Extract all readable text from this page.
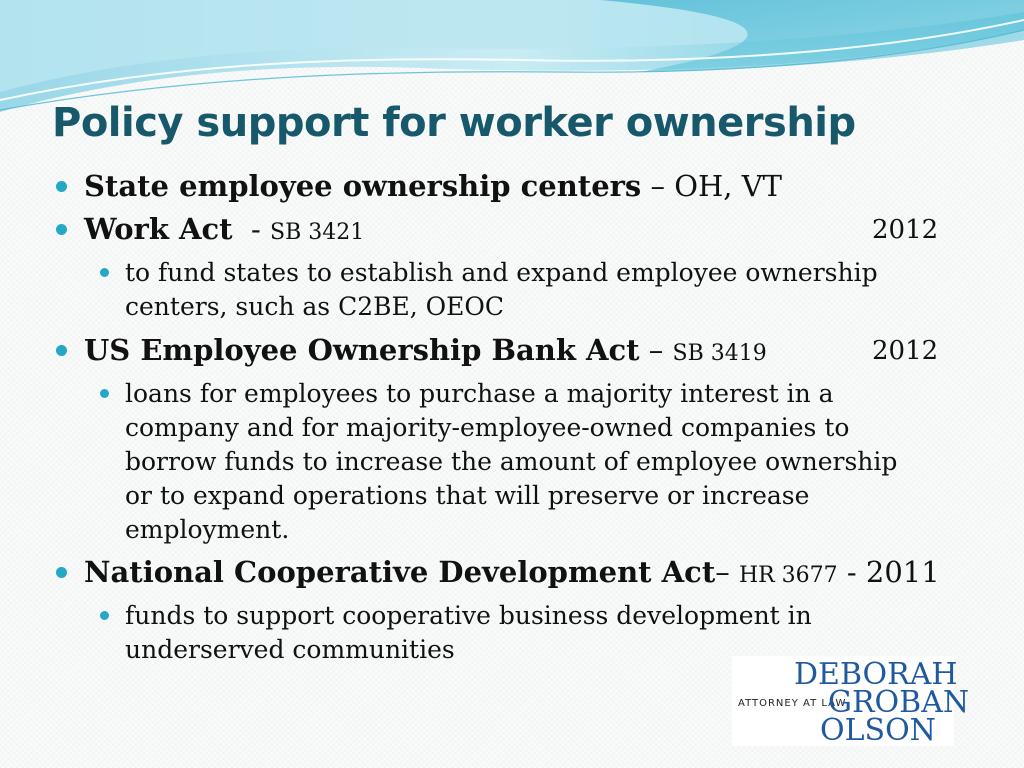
Policy support for worker ownership
State employee ownership centers – OH, VT
Work Act  - SB 3421	2012
to fund states to establish and expand employee ownership
centers, such as C2BE, OEOC
US Employee Ownership Bank Act – SB 3419	2012
loans for employees to purchase a majority interest in a
company and for majority-employee-owned companies to
borrow funds to increase the amount of employee ownership
or to expand operations that will preserve or increase
employment.
National Cooperative Development Act– HR 3677 - 2011
funds to support cooperative business development in
underserved communities
DEBORAH
ATTORNEY AT LAW
GROBAN
OLSON
